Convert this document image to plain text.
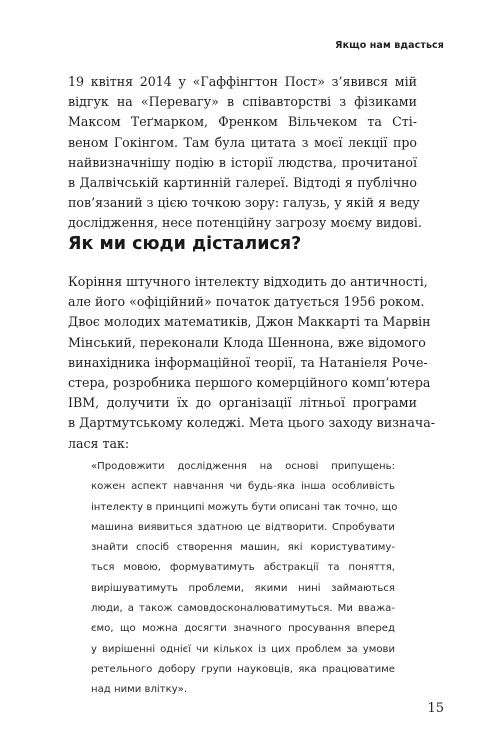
Якщо нам вдасться
19 квітня 2014 у «Гаффінгтон Пост» з’явився мій
відгук на «Перевагу» в співавторстві з фізиками
Максом Теґмарком, Френком Вільчеком та Сті-
веном Гокінгом. Там була цитата з моєї лекції про
найвизначнішу подію в історії людства, прочитаної
в Далвічській картинній галереї. Відтоді я публічно
пов’язаний з цією точкою зору: галузь, у якій я веду
дослідження, несе потенційну загрозу моєму видові.
Як ми сюди дісталися?
Коріння штучного інтелекту відходить до античності,
але його «офіційний» початок датується 1956 роком.
Двоє молодих математиків, Джон Маккарті та Марвін
Мінський, переконали Клода Шеннона, вже відомого
винахідника інформаційної теорії, та Натаніеля Роче-
стера, розробника першого комерційного комп’ютера
IBM, долучити їх до організації літньої програми
в Дартмутському коледжі. Мета цього заходу визнача-
лася так:
«Продовжити дослідження на основі припущень:
кожен аспект навчання чи будь-яка інша особливість
інтелекту в принципі можуть бути описані так точно, що
машина виявиться здатною це відтворити. Спробувати
знайти спосіб створення машин, які користуватиму-
ться мовою, формуватимуть абстракції та поняття,
вирішуватимуть проблеми, якими нині займаються
люди, а також самовдосконалюватимуться. Ми вважа-
ємо, що можна досягти значного просування вперед
у вирішенні однієї чи кількох із цих проблем за умови
ретельного добору групи науковців, яка працюватиме
над ними влітку».
15
